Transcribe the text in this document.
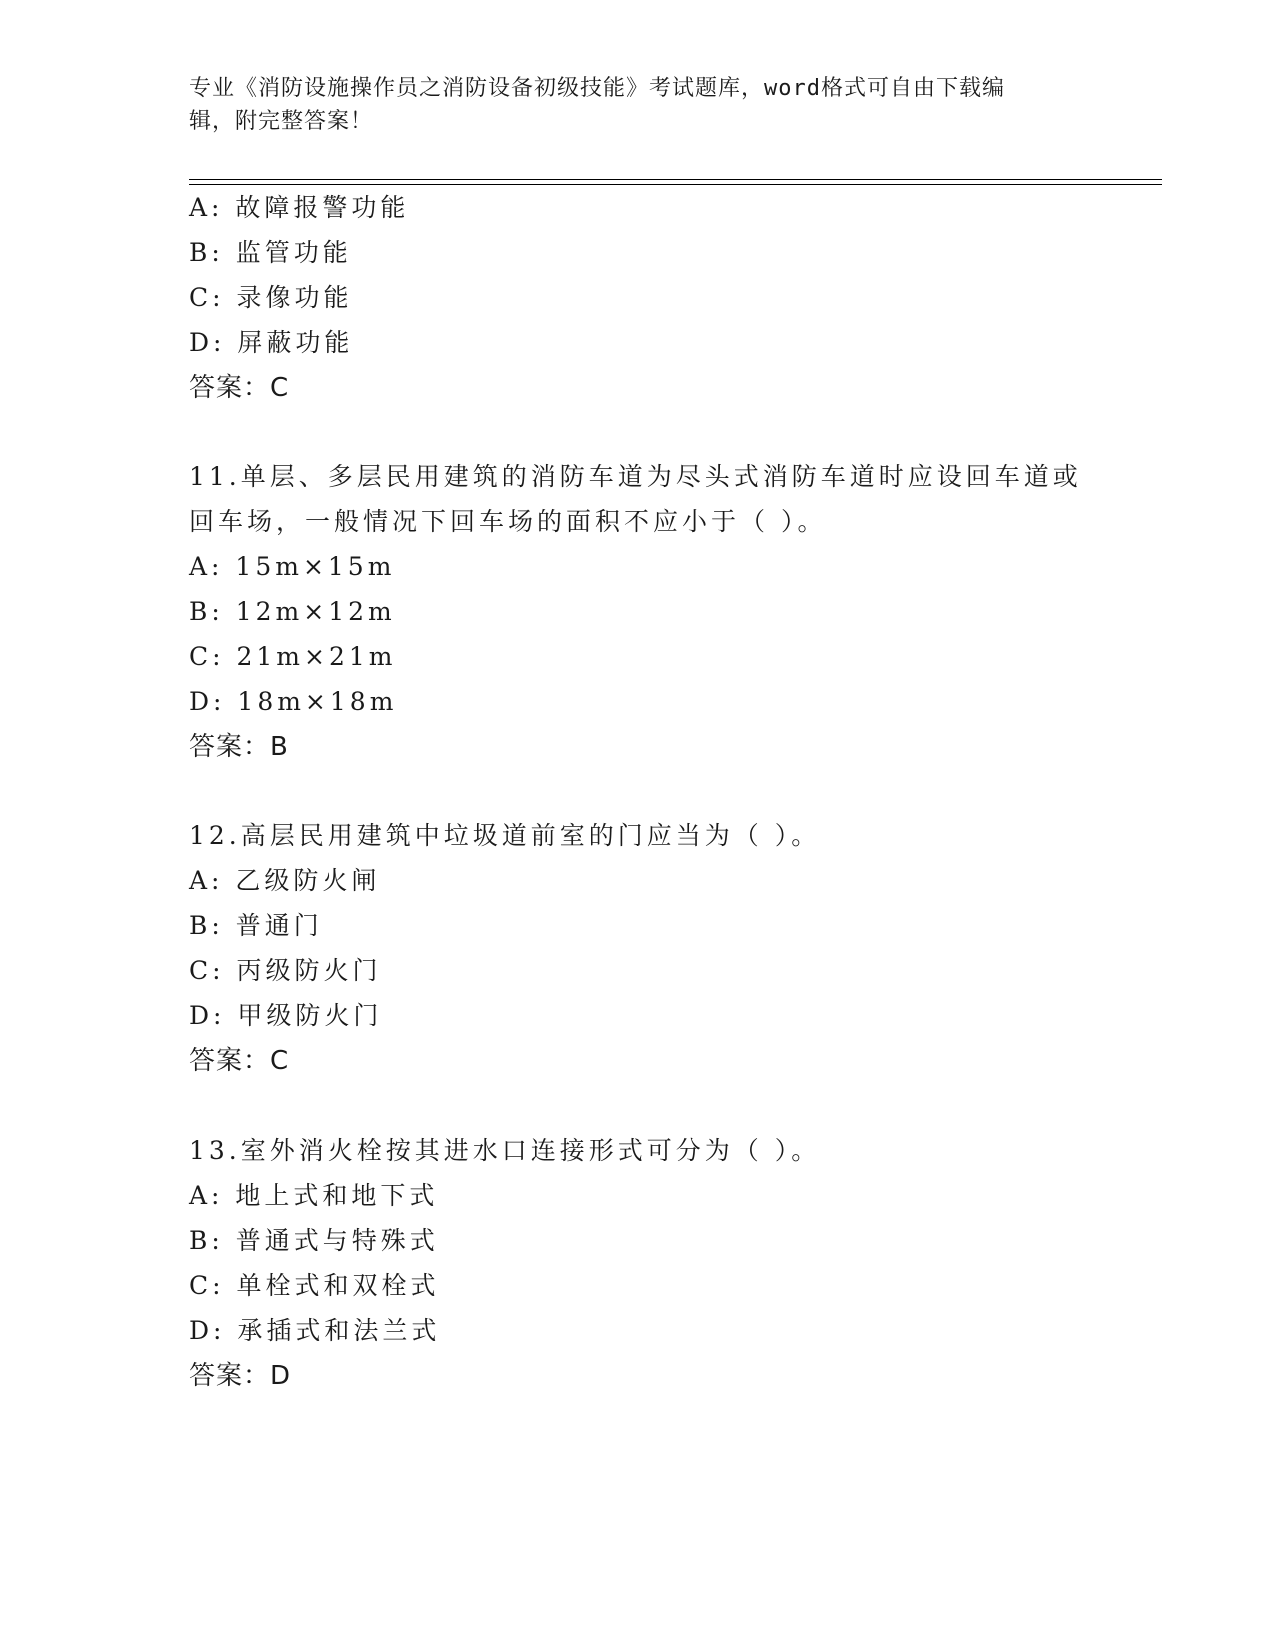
专业《消防设施操作员之消防设备初级技能》考试题库，word格式可自由下载编
辑，附完整答案！
A: 故障报警功能
B: 监管功能
C: 录像功能
D: 屏蔽功能
答案：C
11.单层、多层民用建筑的消防车道为尽头式消防车道时应设回车道或
回车场，一般情况下回车场的面积不应小于（ ）。
A: 15m×15m
B: 12m×12m
C: 21m×21m
D: 18m×18m
答案：B
12.高层民用建筑中垃圾道前室的门应当为（ ）。
A: 乙级防火闸
B: 普通门
C: 丙级防火门
D: 甲级防火门
答案：C
13.室外消火栓按其进水口连接形式可分为（ ）。
A: 地上式和地下式
B: 普通式与特殊式
C: 单栓式和双栓式
D: 承插式和法兰式
答案：D
